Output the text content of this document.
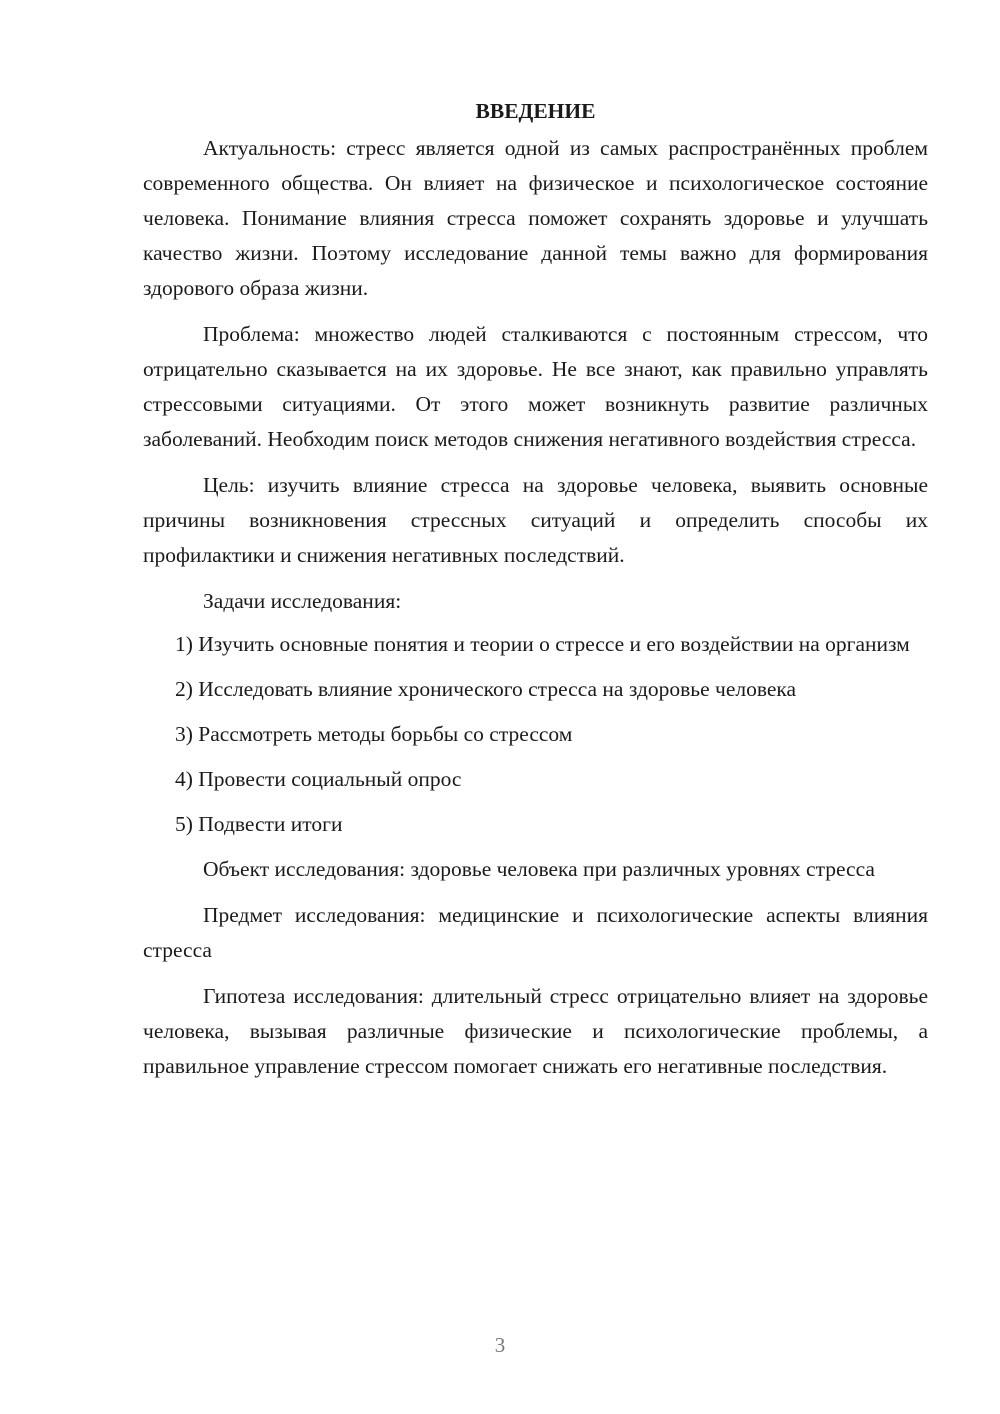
ВВЕДЕНИЕ

Актуальность: стресс является одной из самых распространённых проблем современного общества. Он влияет на физическое и психологическое состояние человека. Понимание влияния стресса поможет сохранять здоровье и улучшать качество жизни. Поэтому исследование данной темы важно для формирования здорового образа жизни.

Проблема: множество людей сталкиваются с постоянным стрессом, что отрицательно сказывается на их здоровье. Не все знают, как правильно управлять стрессовыми ситуациями. От этого может возникнуть развитие различных заболеваний. Необходим поиск методов снижения негативного воздействия стресса.

Цель: изучить влияние стресса на здоровье человека, выявить основные причины возникновения стрессных ситуаций и определить способы их профилактики и снижения негативных последствий.

Задачи исследования:

1) Изучить основные понятия и теории о стрессе и его воздействии на организм

2) Исследовать влияние хронического стресса на здоровье человека

3) Рассмотреть методы борьбы со стрессом

4) Провести социальный опрос

5) Подвести итоги

Объект исследования: здоровье человека при различных уровнях стресса

Предмет исследования: медицинские и психологические аспекты влияния стресса

Гипотеза исследования: длительный стресс отрицательно влияет на здоровье человека, вызывая различные физические и психологические проблемы, а правильное управление стрессом помогает снижать его негативные последствия.

3
